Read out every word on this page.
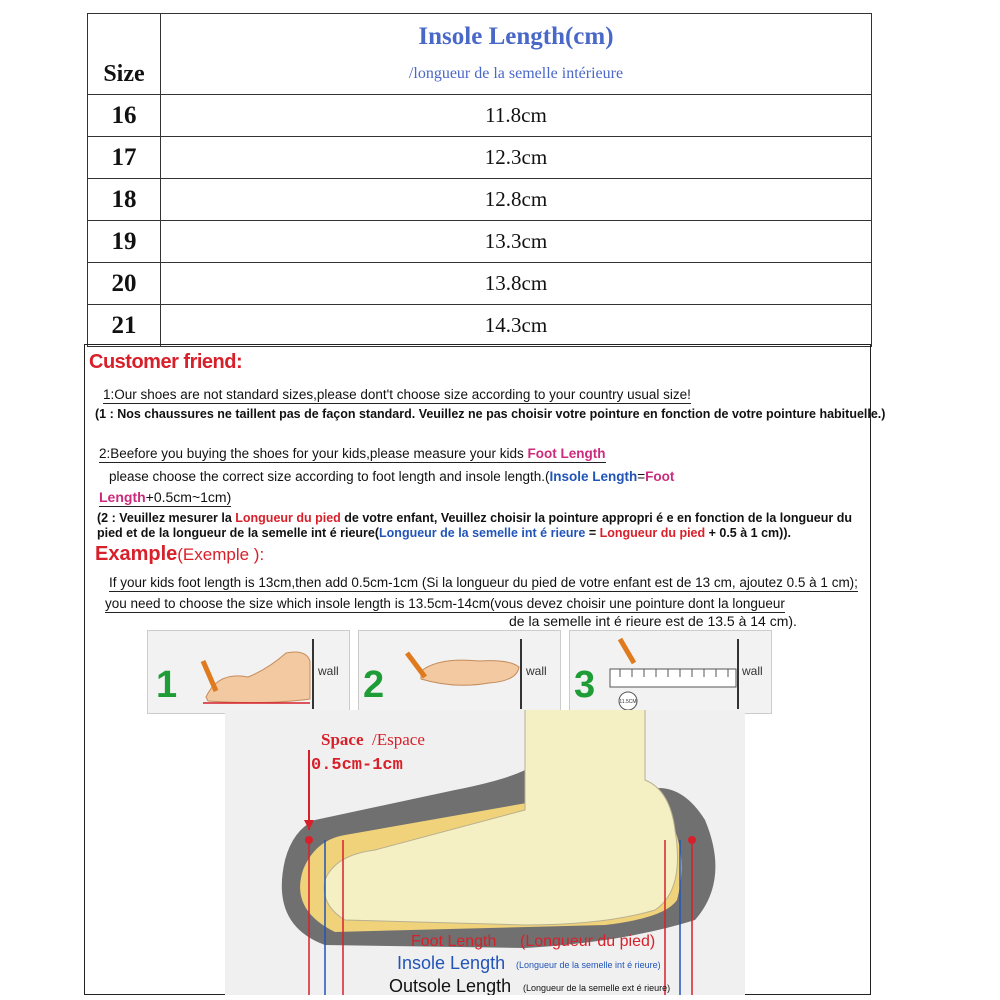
Size	Insole Length(cm)
/longueur de la semelle intérieure

16	11.8cm
17	12.3cm
18	12.8cm
19	13.3cm
20	13.8cm
21	14.3cm
Customer friend:
1:Our shoes are not standard sizes,please dont't choose size according to your country usual size!
(1 : Nos chaussures ne taillent pas de façon standard. Veuillez ne pas choisir votre pointure en fonction de votre pointure habituelle.)
2:Beefore you buying the shoes for your kids,please measure your kids Foot Length
please choose the correct size according to foot length and insole length.(Insole Length=Foot
Length+0.5cm~1cm)
(2 : Veuillez mesurer la Longueur du pied de votre enfant, Veuillez choisir la pointure appropri é e en fonction de la longueur du
pied et de la longueur de la semelle int é rieure(Longueur de la semelle int é rieure = Longueur du pied + 0.5 à 1 cm)).
Example(Exemple ):
If your kids foot length is 13cm,then add 0.5cm-1cm (Si la longueur du pied de votre enfant est de 13 cm, ajoutez 0.5 à 1 cm);
you need to choose the size which insole length is 13.5cm-14cm(vous devez choisir une pointure dont la longueur
de la semelle int é rieure est de 13.5 à 14 cm).
1	wall 2	wall 3	wall
11.5CM
Space /Espace
0.5cm-1cm
Foot Length (Longueur du pied)
Insole Length (Longueur de la semelle int é rieure)
Outsole Length (Longueur de la semelle ext é rieure)
